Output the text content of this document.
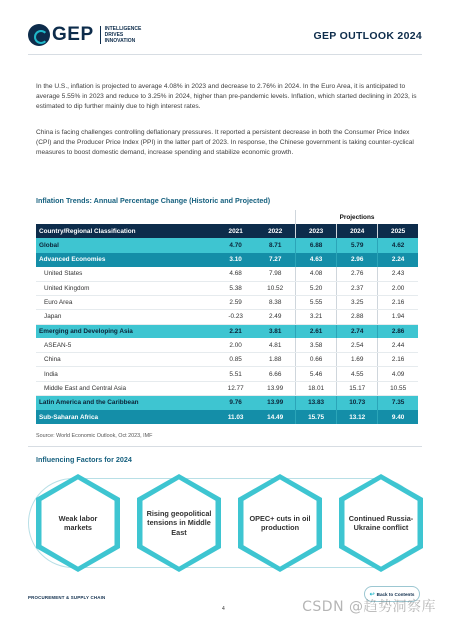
GEP INTELLIGENCE
DRIVES
INNOVATION	GEP OUTLOOK 2024

In the U.S., inflation is projected to average 4.08% in 2023 and decrease to 2.76% in 2024. In the Euro Area, it is anticipated to average 5.55% in 2023 and reduce to 3.25% in 2024, higher than pre-pandemic levels. Inflation, which started declining in 2023, is estimated to dip further mainly due to high interest rates.

China is facing challenges controlling deflationary pressures. It reported a persistent decrease in both the Consumer Price Index (CPI) and the Producer Price Index (PPI) in the latter part of 2023. In response, the Chinese government is taking counter-cyclical measures to boost domestic demand, increase spending and stabilize economic growth.

Inflation Trends: Annual Percentage Change (Historic and Projected)
			Projections		
Country/Regional Classification	2021	2022	2023	2024	2025
Global	4.70	8.71	6.88	5.79	4.62
Advanced Economies	3.10	7.27	4.63	2.96	2.24
United States	4.68	7.98	4.08	2.76	2.43
United Kingdom	5.38	10.52	5.20	2.37	2.00
Euro Area	2.59	8.38	5.55	3.25	2.16
Japan	-0.23	2.49	3.21	2.88	1.94
Emerging and Developing Asia	2.21	3.81	2.61	2.74	2.86
ASEAN-5	2.00	4.81	3.58	2.54	2.44
China	0.85	1.88	0.66	1.69	2.16
India	5.51	6.66	5.46	4.55	4.09
Middle East and Central Asia	12.77	13.99	18.01	15.17	10.55
Latin America and the Caribbean	9.76	13.99	13.83	10.73	7.35
Sub-Saharan Africa	11.03	14.49	15.75	13.12	9.40
Source: World Economic Outlook, Oct 2023, IMF
Influencing Factors for 2024
Weak labor markets
Rising geopolitical tensions in Middle East
OPEC+ cuts in oil production
Continued Russia-Ukraine conflict
PROCUREMENT & SUPPLY CHAIN
4
↩ Back to Contents
CSDN @趋势洞察库
